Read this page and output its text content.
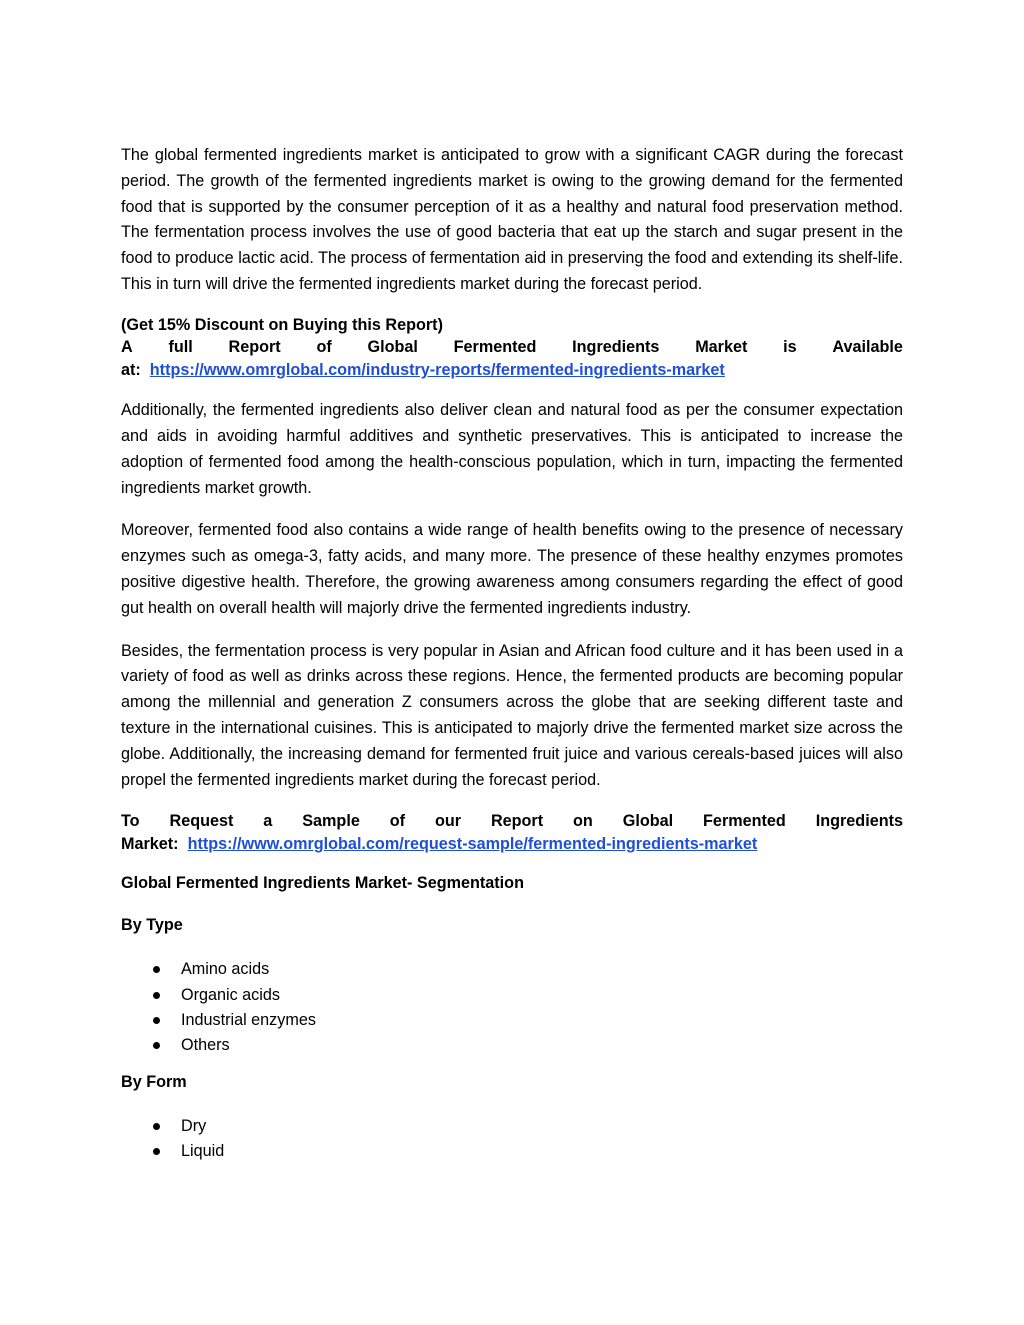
The global fermented ingredients market is anticipated to grow with a significant CAGR during the forecast period. The growth of the fermented ingredients market is owing to the growing demand for the fermented food that is supported by the consumer perception of it as a healthy and natural food preservation method. The fermentation process involves the use of good bacteria that eat up the starch and sugar present in the food to produce lactic acid. The process of fermentation aid in preserving the food and extending its shelf-life. This in turn will drive the fermented ingredients market during the forecast period.

(Get 15% Discount on Buying this Report)
A full Report of Global Fermented Ingredients Market is Available
at: https://www.omrglobal.com/industry-reports/fermented-ingredients-market

Additionally, the fermented ingredients also deliver clean and natural food as per the consumer expectation and aids in avoiding harmful additives and synthetic preservatives. This is anticipated to increase the adoption of fermented food among the health-conscious population, which in turn, impacting the fermented ingredients market growth.

Moreover, fermented food also contains a wide range of health benefits owing to the presence of necessary enzymes such as omega-3, fatty acids, and many more. The presence of these healthy enzymes promotes positive digestive health. Therefore, the growing awareness among consumers regarding the effect of good gut health on overall health will majorly drive the fermented ingredients industry.

Besides, the fermentation process is very popular in Asian and African food culture and it has been used in a variety of food as well as drinks across these regions. Hence, the fermented products are becoming popular among the millennial and generation Z consumers across the globe that are seeking different taste and texture in the international cuisines. This is anticipated to majorly drive the fermented market size across the globe. Additionally, the increasing demand for fermented fruit juice and various cereals-based juices will also propel the fermented ingredients market during the forecast period.

To Request a Sample of our Report on Global Fermented Ingredients
Market: https://www.omrglobal.com/request-sample/fermented-ingredients-market
Global Fermented Ingredients Market- Segmentation
By Type
Amino acids
Organic acids
Industrial enzymes
Others
By Form
Dry
Liquid
